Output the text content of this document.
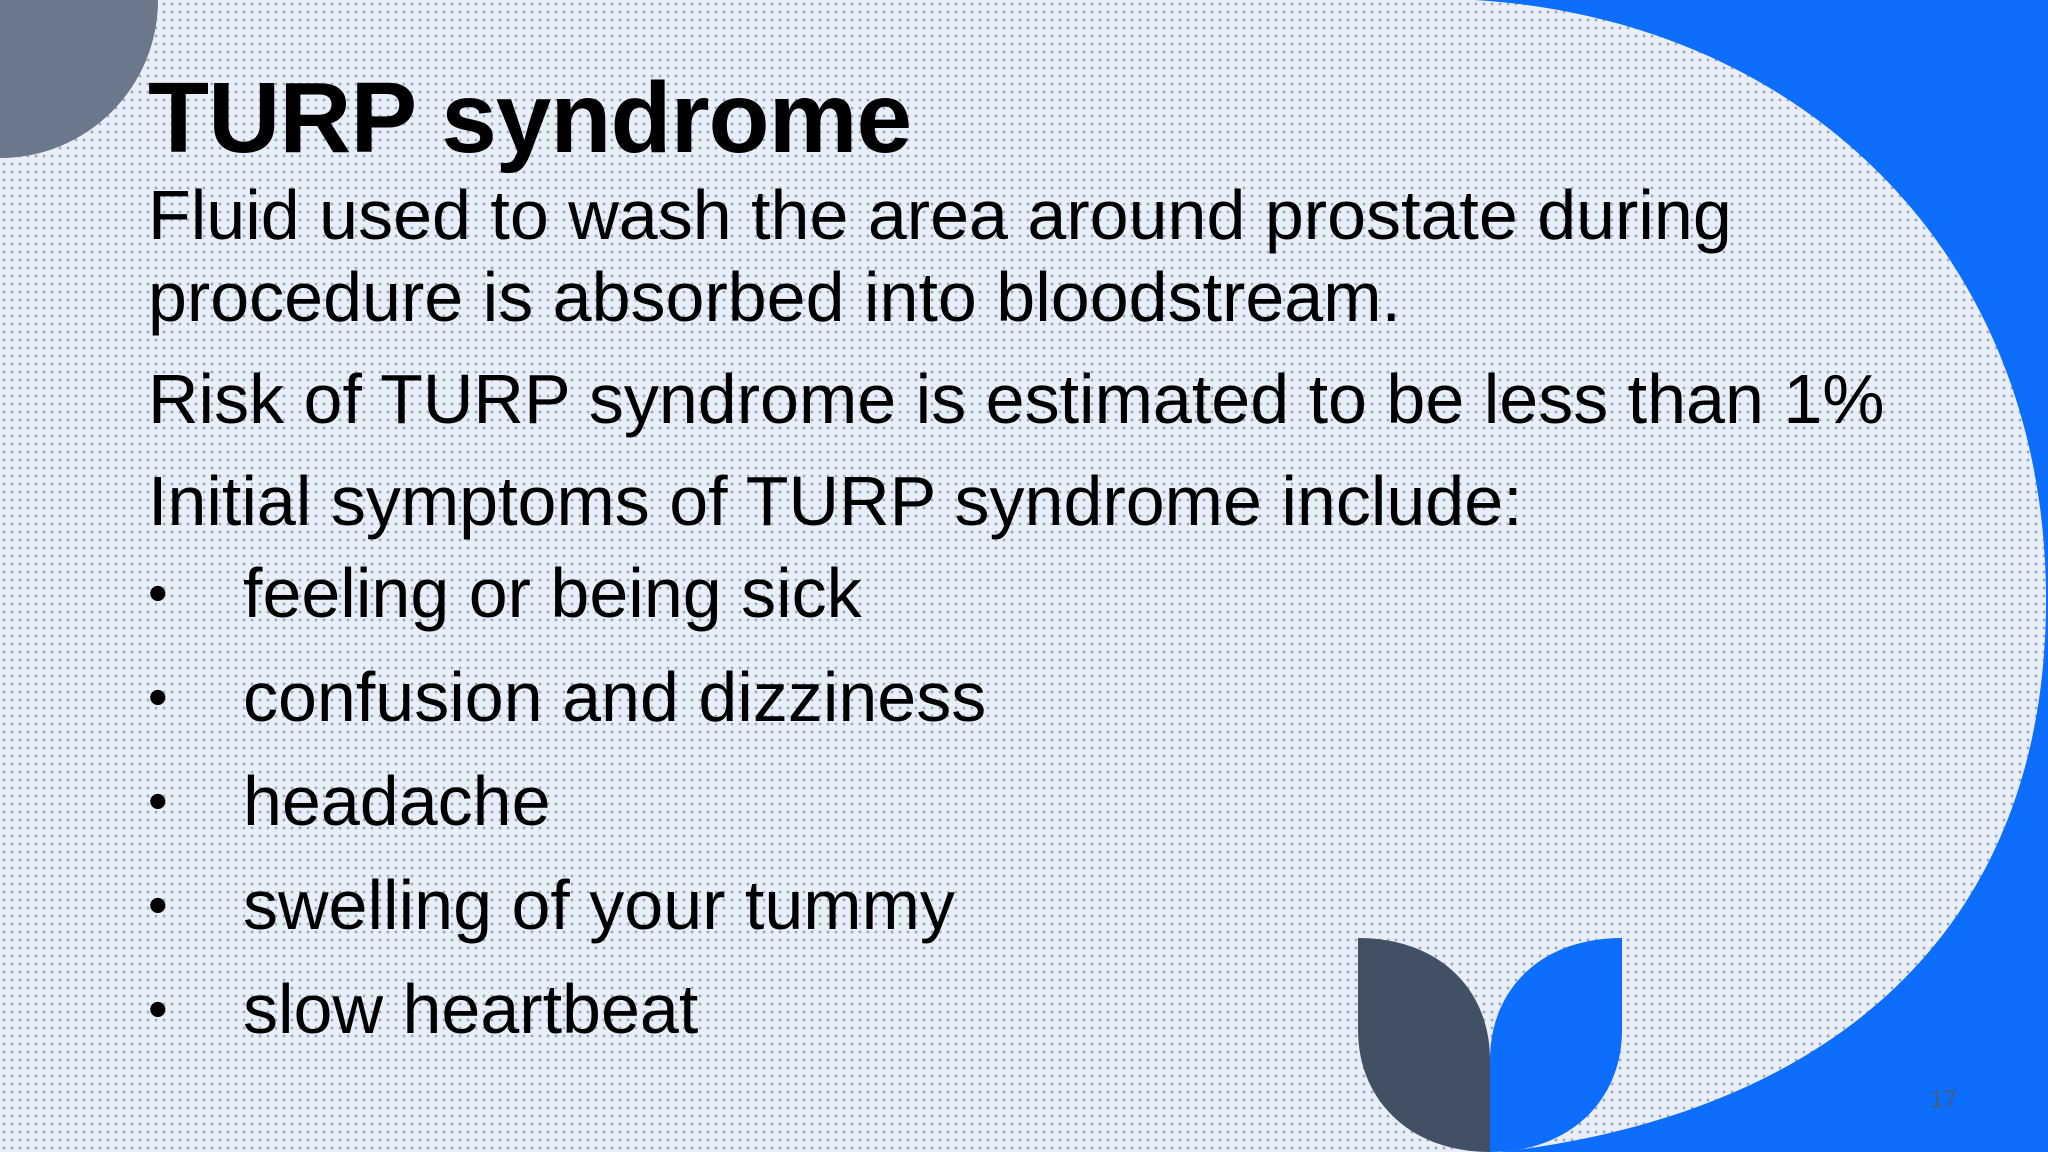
TURP syndrome

Fluid used to wash the area around prostate during procedure is absorbed into bloodstream.

Risk of TURP syndrome is estimated to be less than 1%

Initial symptoms of TURP syndrome include:

• feeling or being sick
• confusion and dizziness
• headache
• swelling of your tummy
• slow heartbeat
17
